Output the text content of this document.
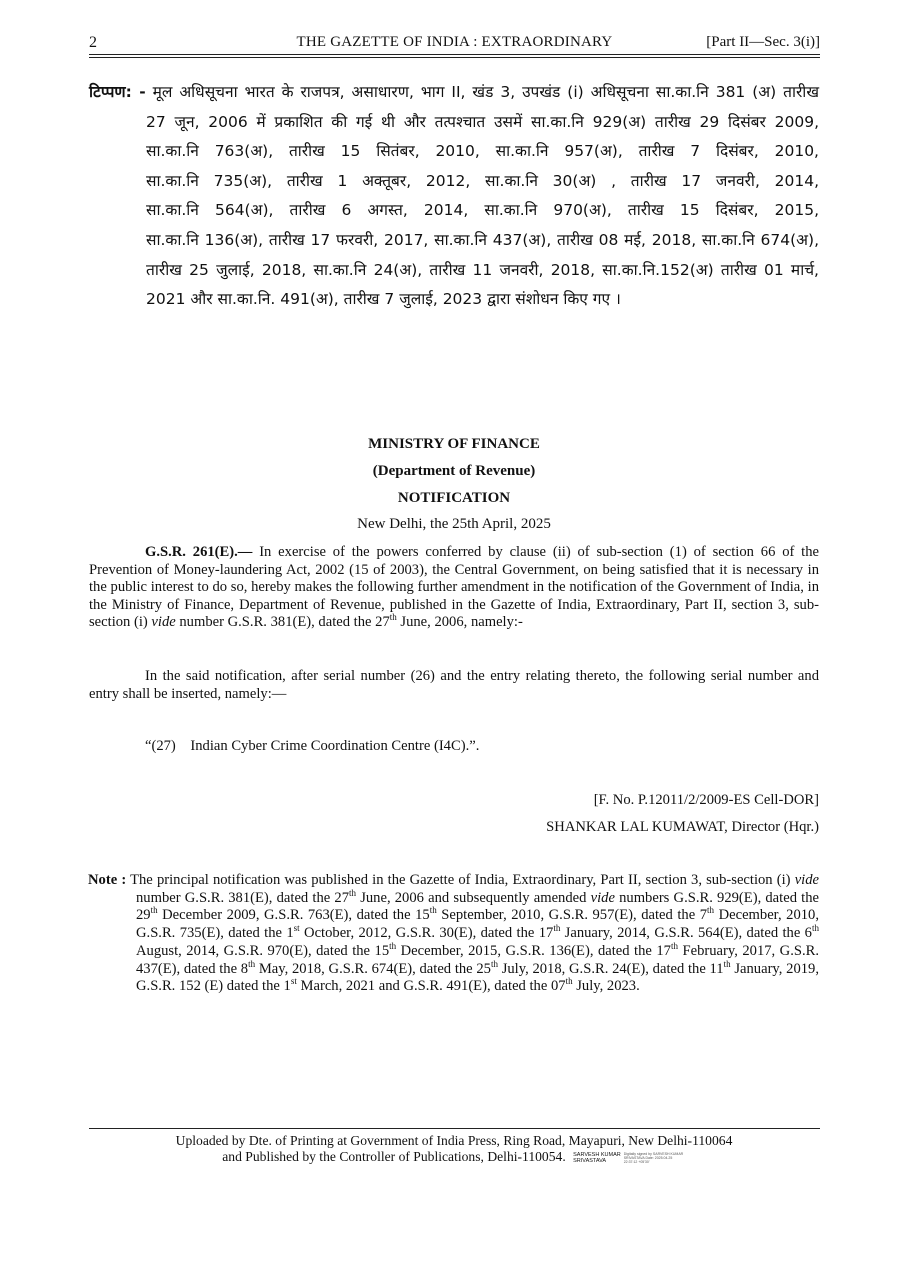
2	THE GAZETTE OF INDIA : EXTRAORDINARY	[Part II—Sec. 3(i)]
टिप्पण: - मूल अधिसूचना भारत के राजपत्र, असाधारण, भाग II, खंड 3, उपखंड (i) अधिसूचना सा.का.नि 381 (अ) तारीख
27 जून, 2006 में प्रकाशित की गई थी और तत्पश्चात उसमें सा.का.नि 929(अ) तारीख 29 दिसंबर 2009,
सा.का.नि 763(अ), तारीख 15 सितंबर, 2010, सा.का.नि 957(अ), तारीख 7 दिसंबर, 2010,
सा.का.नि 735(अ), तारीख 1 अक्तूबर, 2012, सा.का.नि 30(अ) , तारीख 17 जनवरी, 2014,
सा.का.नि 564(अ), तारीख 6 अगस्त, 2014, सा.का.नि 970(अ), तारीख 15 दिसंबर, 2015,
सा.का.नि 136(अ), तारीख 17 फरवरी, 2017, सा.का.नि 437(अ), तारीख 08 मई, 2018, सा.का.नि 674(अ),
तारीख 25 जुलाई, 2018, सा.का.नि 24(अ), तारीख 11 जनवरी, 2018, सा.का.नि.152(अ) तारीख 01 मार्च,
2021 और सा.का.नि. 491(अ), तारीख 7 जुलाई, 2023 द्वारा संशोधन किए गए ।
MINISTRY OF FINANCE
(Department of Revenue)
NOTIFICATION
New Delhi, the 25th April, 2025
G.S.R. 261(E).— In exercise of the powers conferred by clause (ii) of sub-section (1) of section 66 of the Prevention of Money-laundering Act, 2002 (15 of 2003), the Central Government, on being satisfied that it is necessary in the public interest to do so, hereby makes the following further amendment in the notification of the Government of India, in the Ministry of Finance, Department of Revenue, published in the Gazette of India, Extraordinary, Part II, section 3, sub-section (i) vide number G.S.R. 381(E), dated the 27th June, 2006, namely:-
In the said notification, after serial number (26) and the entry relating thereto, the following serial number and entry shall be inserted, namely:—
“(27)    Indian Cyber Crime Coordination Centre (I4C).”.
[F. No. P.12011/2/2009-ES Cell-DOR]
SHANKAR LAL KUMAWAT, Director (Hqr.)
Note : The principal notification was published in the Gazette of India, Extraordinary, Part II, section 3, sub-section (i) vide number G.S.R. 381(E), dated the 27th June, 2006 and subsequently amended vide numbers G.S.R. 929(E), dated the 29th December 2009, G.S.R. 763(E), dated the 15th September, 2010, G.S.R. 957(E), dated the 7th December, 2010, G.S.R. 735(E), dated the 1st October, 2012, G.S.R. 30(E), dated the 17th January, 2014, G.S.R. 564(E), dated the 6th August, 2014, G.S.R. 970(E), dated the 15th December, 2015, G.S.R. 136(E), dated the 17th February, 2017, G.S.R. 437(E), dated the 8th May, 2018, G.S.R. 674(E), dated the 25th July, 2018, G.S.R. 24(E), dated the 11th January, 2019, G.S.R. 152 (E) dated the 1st March, 2021 and G.S.R. 491(E), dated the 07th July, 2023.
Uploaded by Dte. of Printing at Government of India Press, Ring Road, Mayapuri, New Delhi-110064
and Published by the Controller of Publications, Delhi-110054. SARVESH KUMAR
SRIVASTAVADigitally signed by SARVESH KUMAR SRIVASTAVA Date: 2025.04.25 22:37:12 +05'30'
